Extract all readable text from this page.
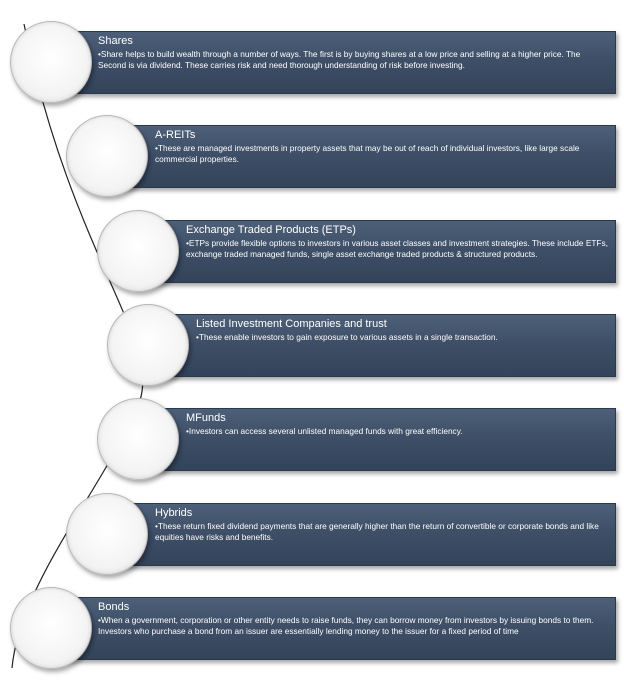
Shares
•Share helps to build wealth through a number of ways. The first is by buying shares at a low price and selling at a higher price. The Second is via dividend. These carries risk and need thorough understanding of risk before investing.
A-REITs
•These are managed investments in property assets that may be out of reach of individual investors, like large scale commercial properties.
Exchange Traded Products (ETPs)
•ETPs provide flexible options to investors in various asset classes and investment strategies. These include ETFs, exchange traded managed funds, single asset exchange traded products & structured products.
Listed Investment Companies and trust
•These enable investors to gain exposure to various assets in a single transaction.
MFunds
•Investors can access several unlisted managed funds with great efficiency.
Hybrids
•These return fixed dividend payments that are generally higher than the return of convertible or corporate bonds and like equities have risks and benefits.
Bonds
•When a government, corporation or other entity needs to raise funds, they can borrow money from investors by issuing bonds to them. Investors who purchase a bond from an issuer are essentially lending money to the issuer for a fixed period of time
